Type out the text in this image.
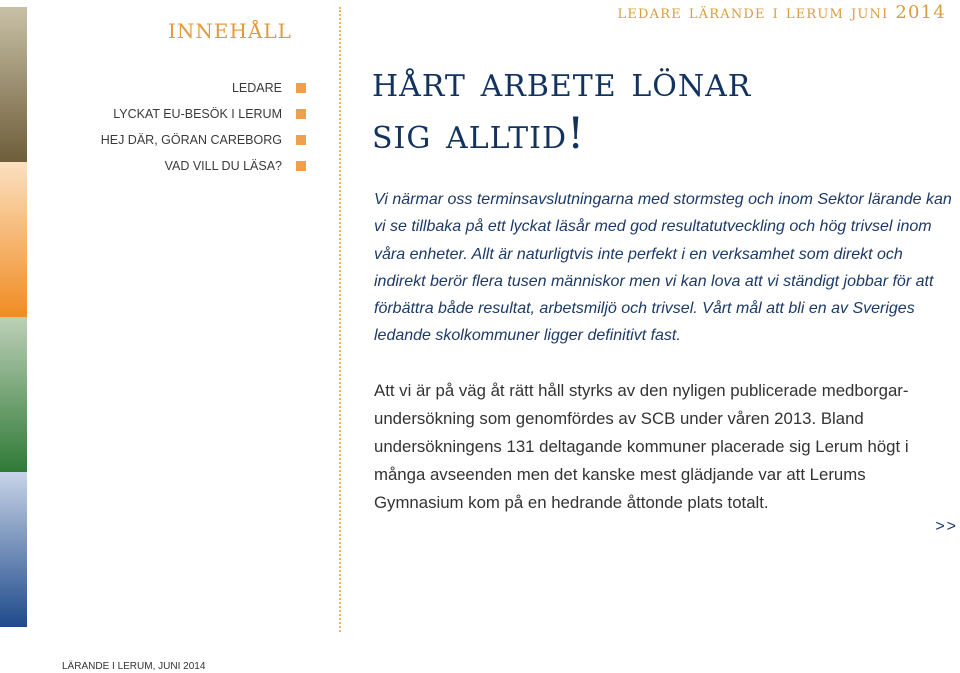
innehåll
LEDARE
LYCKAT EU-BESÖK I LERUM
HEJ DÄR, GÖRAN CAREBORG
VAD VILL DU LÄSA?

ledare lärande i lerum juni 2014

hårt arbete lönar
sig alltid!

Vi närmar oss terminsavslutningarna med stormsteg och inom Sektor lärande kan vi se tillbaka på ett lyckat läsår med god resultatutveckling och hög trivsel inom våra enheter. Allt är naturligtvis inte perfekt i en verksamhet som direkt och indirekt berör flera tusen människor men vi kan lova att vi ständigt jobbar för att förbättra både resultat, arbetsmiljö och trivsel. Vårt mål att bli en av Sveriges ledande skolkommuner ligger definitivt fast.

Att vi är på väg åt rätt håll styrks av den nyligen publicerade medborgar-undersökning som genomfördes av SCB under våren 2013. Bland undersökningens 131 deltagande kommuner placerade sig Lerum högt i många avseenden men det kanske mest glädjande var att Lerums Gymnasium kom på en hedrande åttonde plats totalt.

>>
LÄRANDE I LERUM, JUNI 2014
